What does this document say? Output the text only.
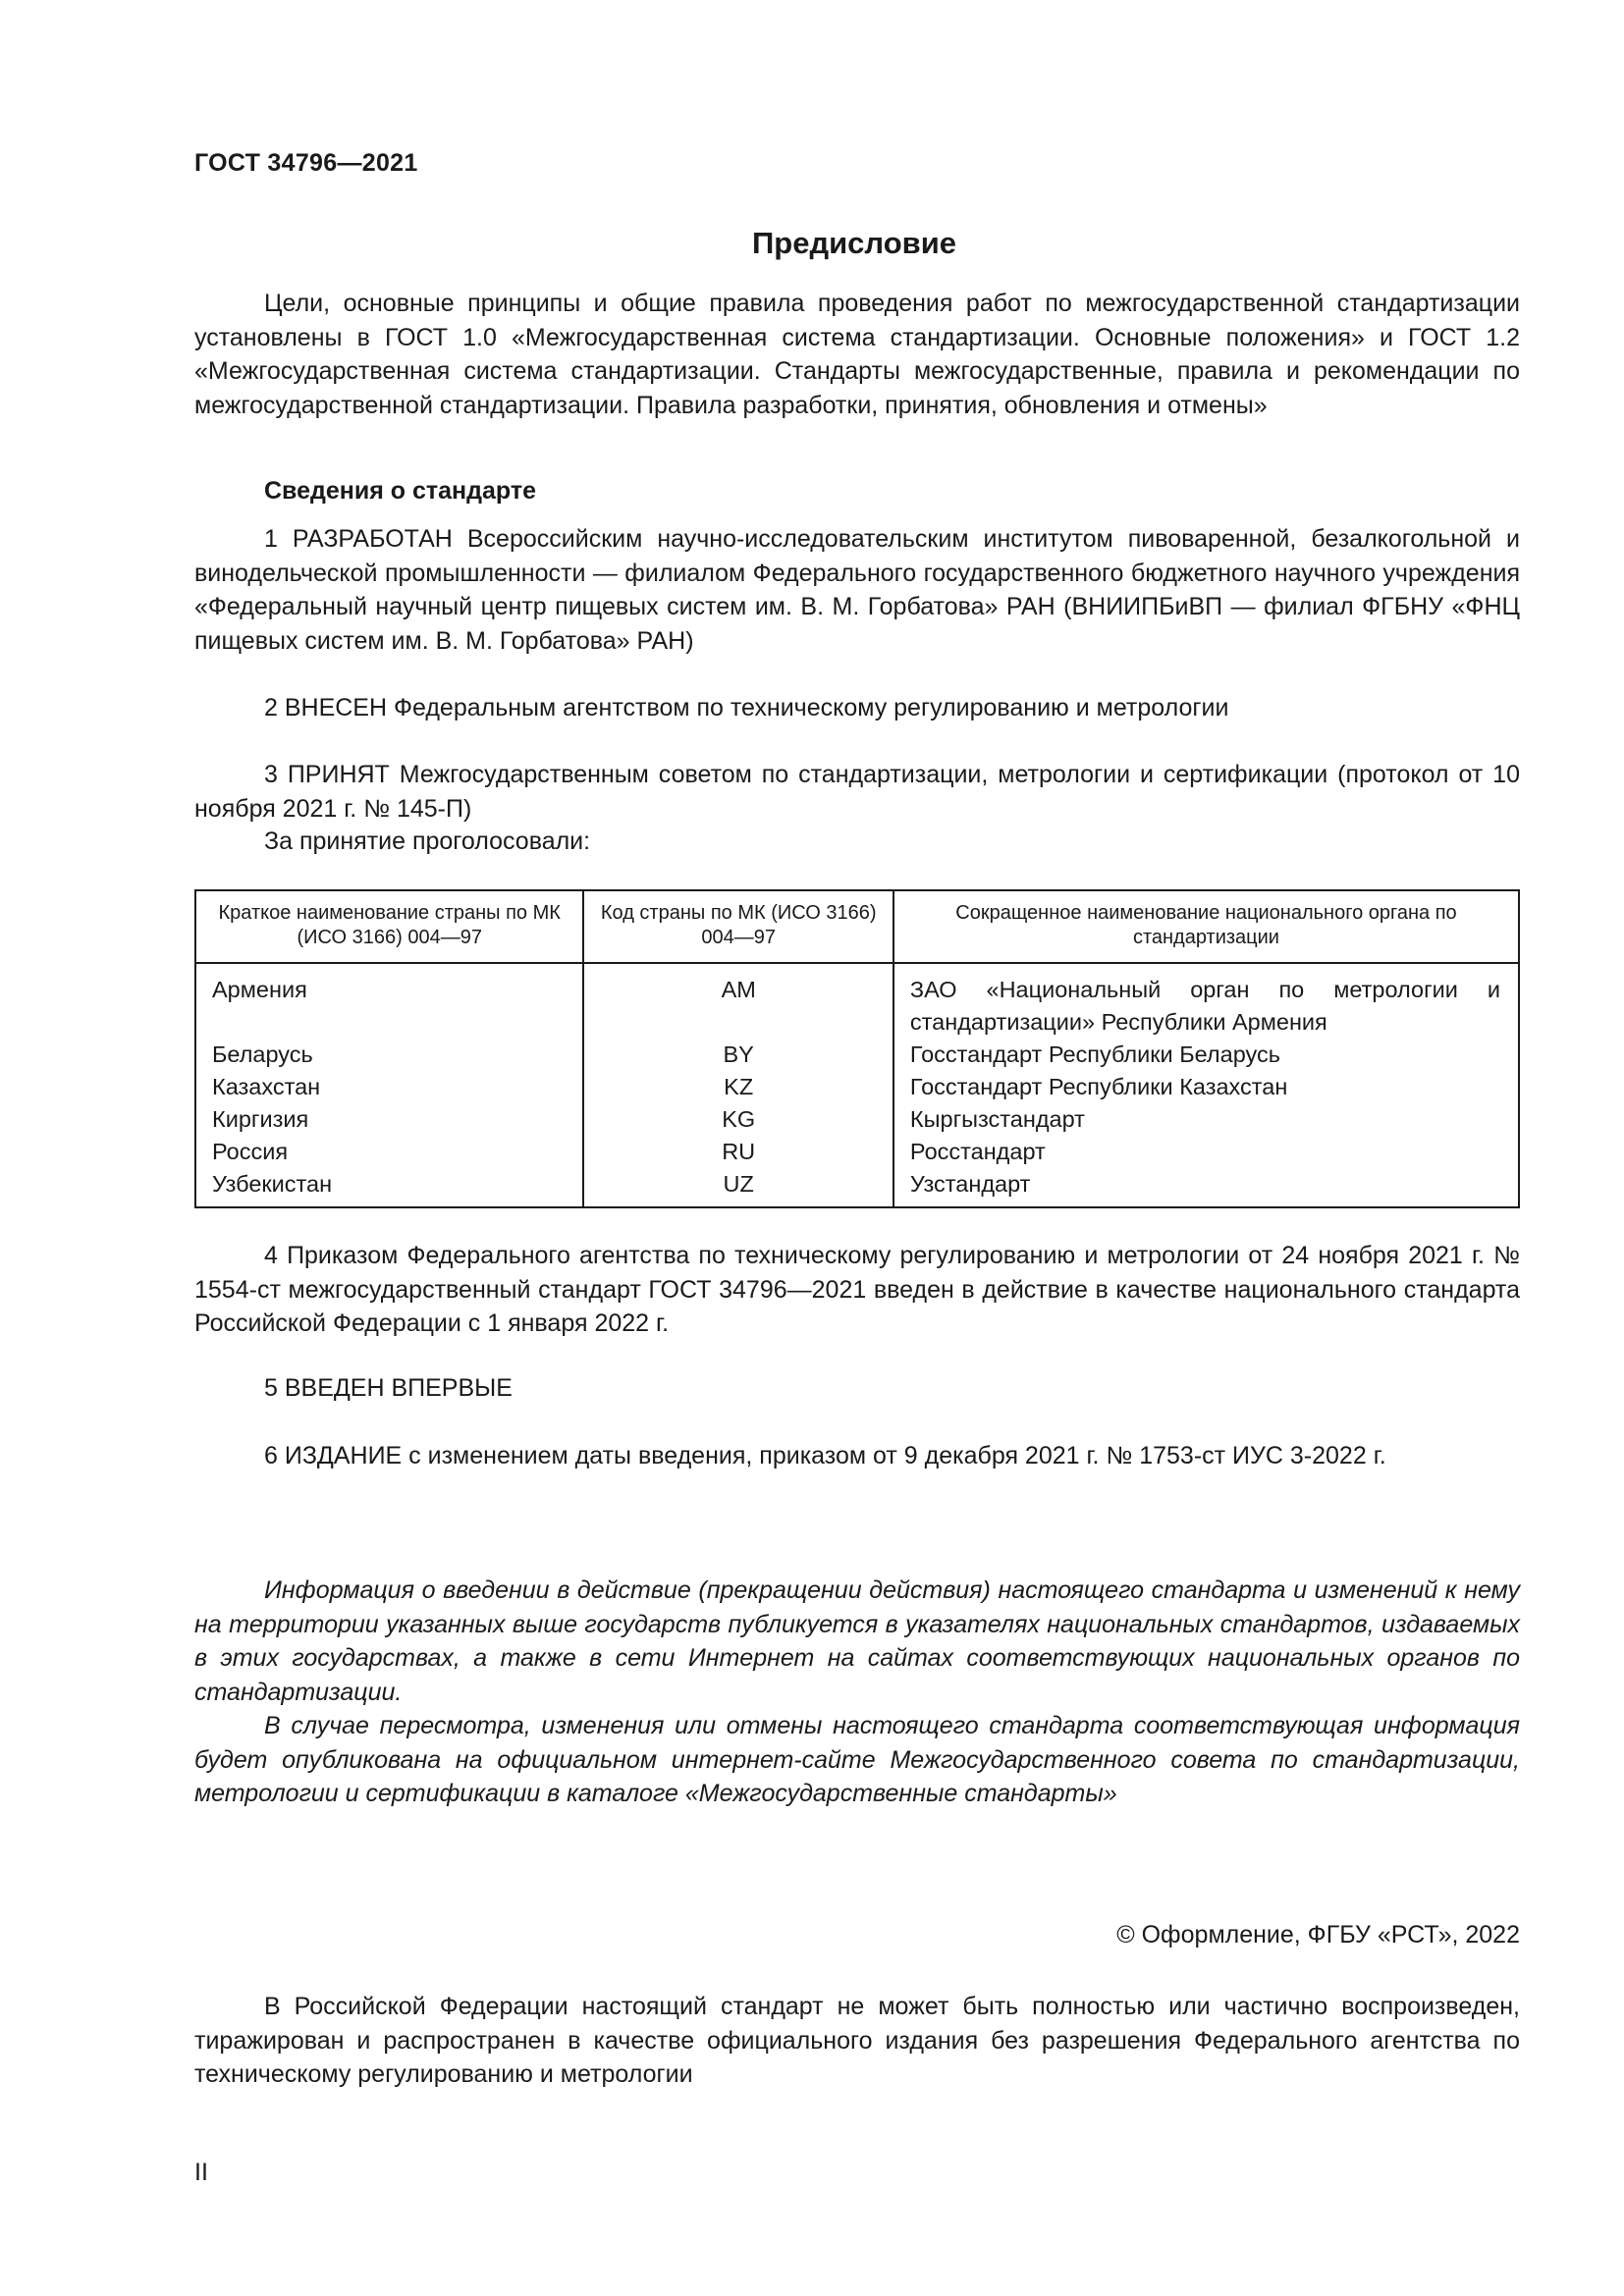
ГОСТ 34796—2021
Предисловие
Цели, основные принципы и общие правила проведения работ по межгосударственной стандартизации установлены в ГОСТ 1.0 «Межгосударственная система стандартизации. Основные положения» и ГОСТ 1.2 «Межгосударственная система стандартизации. Стандарты межгосударственные, правила и рекомендации по межгосударственной стандартизации. Правила разработки, принятия, обновления и отмены»
Сведения о стандарте
1 РАЗРАБОТАН Всероссийским научно-исследовательским институтом пивоваренной, безалкогольной и винодельческой промышленности — филиалом Федерального государственного бюджетного научного учреждения «Федеральный научный центр пищевых систем им. В. М. Горбатова» РАН (ВНИИПБиВП — филиал ФГБНУ «ФНЦ пищевых систем им. В. М. Горбатова» РАН)
2 ВНЕСЕН Федеральным агентством по техническому регулированию и метрологии
3 ПРИНЯТ Межгосударственным советом по стандартизации, метрологии и сертификации (протокол от 10 ноября 2021 г. № 145-П)
За принятие проголосовали:
Краткое наименование страны по МК (ИСО 3166) 004—97	Код страны по МК (ИСО 3166) 004—97	Сокращенное наименование национального органа по стандартизации
Армения	AM	ЗАО «Национальный орган по метрологии и стандартизации» Республики Армения
Беларусь	BY	Госстандарт Республики Беларусь
Казахстан	KZ	Госстандарт Республики Казахстан
Киргизия	KG	Кыргызстандарт
Россия	RU	Росстандарт
Узбекистан	UZ	Узстандарт
4 Приказом Федерального агентства по техническому регулированию и метрологии от 24 ноября 2021 г. № 1554-ст межгосударственный стандарт ГОСТ 34796—2021 введен в действие в качестве национального стандарта Российской Федерации с 1 января 2022 г.
5 ВВЕДЕН ВПЕРВЫЕ
6 ИЗДАНИЕ с изменением даты введения, приказом от 9 декабря 2021 г. № 1753-ст ИУС 3-2022 г.
Информация о введении в действие (прекращении действия) настоящего стандарта и изменений к нему на территории указанных выше государств публикуется в указателях национальных стандартов, издаваемых в этих государствах, а также в сети Интернет на сайтах соответствующих национальных органов по стандартизации.
В случае пересмотра, изменения или отмены настоящего стандарта соответствующая информация будет опубликована на официальном интернет-сайте Межгосударственного совета по стандартизации, метрологии и сертификации в каталоге «Межгосударственные стандарты»
© Оформление, ФГБУ «РСТ», 2022
В Российской Федерации настоящий стандарт не может быть полностью или частично воспроизведен, тиражирован и распространен в качестве официального издания без разрешения Федерального агентства по техническому регулированию и метрологии
II
